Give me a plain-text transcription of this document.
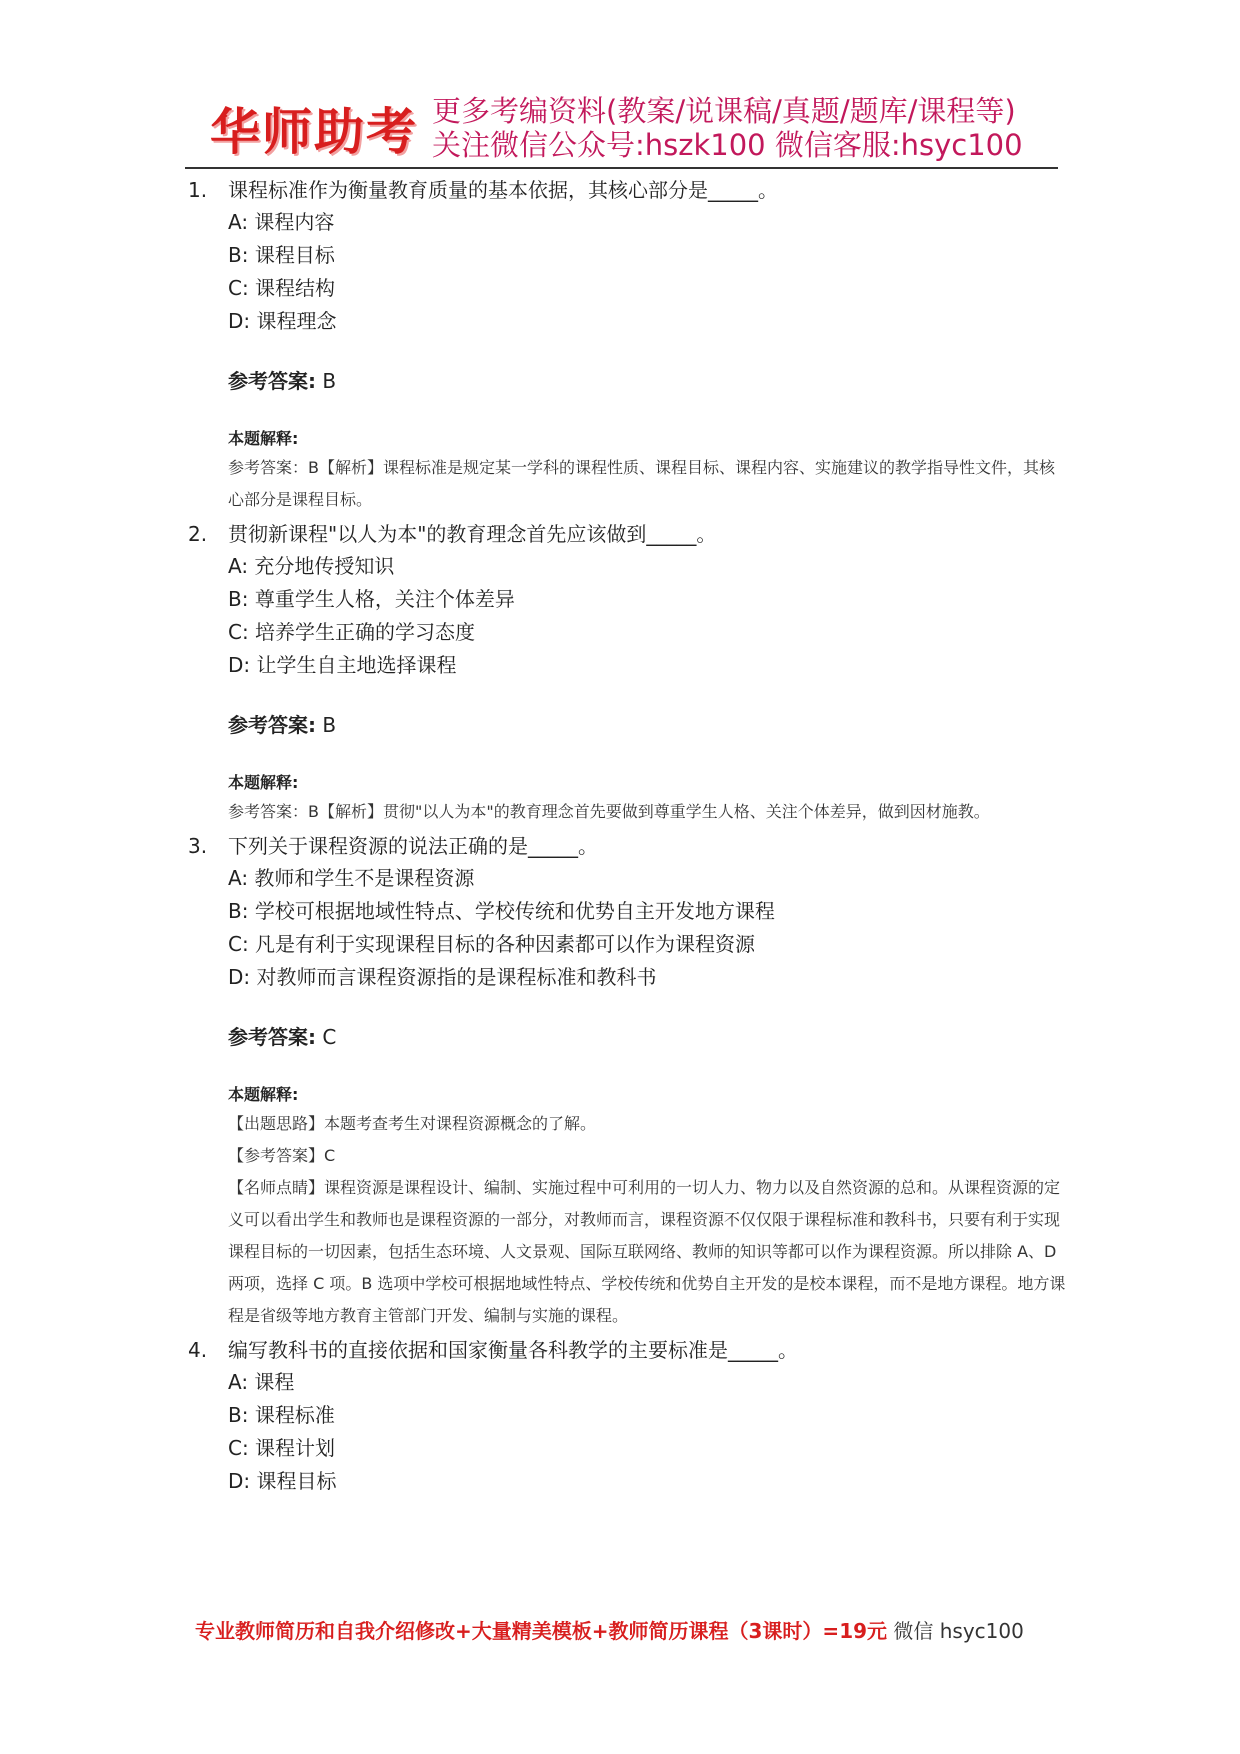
华师助考 更多考编资料(教案/说课稿/真题/题库/课程等)
关注微信公众号:hszk100 微信客服:hsyc100
1.	课程标准作为衡量教育质量的基本依据，其核心部分是_____。
A: 课程内容
B: 课程目标
C: 课程结构
D: 课程理念
参考答案: B
本题解释:
参考答案：B【解析】课程标准是规定某一学科的课程性质、课程目标、课程内容、实施建议的教学指导性文件，其核心部分是课程目标。
2.	贯彻新课程"以人为本"的教育理念首先应该做到_____。
A: 充分地传授知识
B: 尊重学生人格，关注个体差异
C: 培养学生正确的学习态度
D: 让学生自主地选择课程
参考答案: B
本题解释:
参考答案：B【解析】贯彻"以人为本"的教育理念首先要做到尊重学生人格、关注个体差异，做到因材施教。
3.	下列关于课程资源的说法正确的是_____。
A: 教师和学生不是课程资源
B: 学校可根据地域性特点、学校传统和优势自主开发地方课程
C: 凡是有利于实现课程目标的各种因素都可以作为课程资源
D: 对教师而言课程资源指的是课程标准和教科书
参考答案: C
本题解释:
【出题思路】本题考查考生对课程资源概念的了解。
【参考答案】C
【名师点睛】课程资源是课程设计、编制、实施过程中可利用的一切人力、物力以及自然资源的总和。从课程资源的定义可以看出学生和教师也是课程资源的一部分，对教师而言，课程资源不仅仅限于课程标准和教科书，只要有利于实现课程目标的一切因素，包括生态环境、人文景观、国际互联网络、教师的知识等都可以作为课程资源。所以排除 A、D 两项，选择 C 项。B 选项中学校可根据地域性特点、学校传统和优势自主开发的是校本课程，而不是地方课程。地方课程是省级等地方教育主管部门开发、编制与实施的课程。
4.	编写教科书的直接依据和国家衡量各科教学的主要标准是_____。
A: 课程
B: 课程标准
C: 课程计划
D: 课程目标
专业教师简历和自我介绍修改+大量精美模板+教师简历课程（3课时）=19元 微信 hsyc100
